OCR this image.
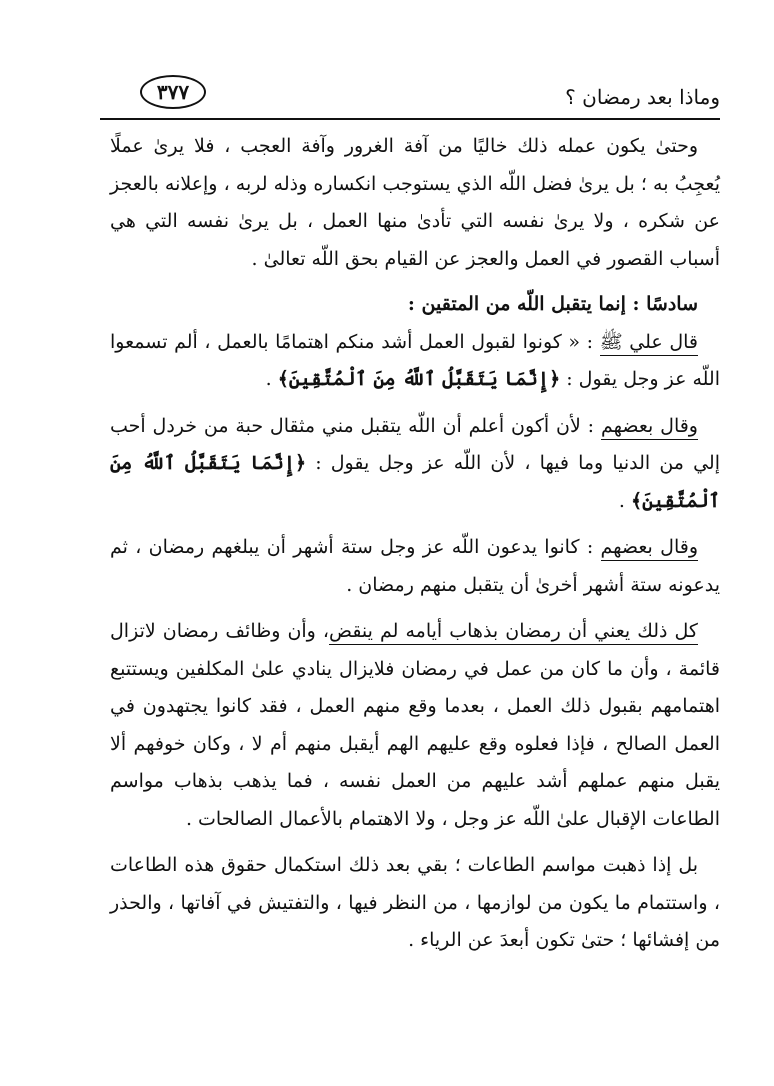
٣٧٧	وماذا بعد رمضان ؟

وحتىٰ يكون عمله ذلك خاليًا من آفة الغرور وآفة العجب ، فلا يرىٰ عملًا يُعجِبُ به ؛ بل يرىٰ فضل اللّه الذي يستوجب انكساره وذله لربه ، وإعلانه بالعجز عن شكره ، ولا يرىٰ نفسه التي تأدىٰ منها العمل ، بل يرىٰ نفسه التي هي أسباب القصور في العمل والعجز عن القيام بحق اللّه تعالىٰ .

سادسًا : إنما يتقبل اللّه من المتقين :

قال علي ﷺ : « كونوا لقبول العمل أشد منكم اهتمامًا بالعمل ، ألم تسمعوا اللّه عز وجل يقول : ﴿إِنَّمَا يَتَقَبَّلُ ٱللَّهُ مِنَ ٱلْمُتَّقِينَ﴾ .

وقال بعضهم : لأن أكون أعلم أن اللّه يتقبل مني مثقال حبة من خردل أحب إلي من الدنيا وما فيها ، لأن اللّه عز وجل يقول : ﴿إِنَّمَا يَتَقَبَّلُ ٱللَّهُ مِنَ ٱلْمُتَّقِينَ﴾ .

وقال بعضهم : كانوا يدعون اللّه عز وجل ستة أشهر أن يبلغهم رمضان ، ثم يدعونه ستة أشهر أخرىٰ أن يتقبل منهم رمضان .

كل ذلك يعني أن رمضان بذهاب أيامه لم ينقض، وأن وظائف رمضان لاتزال قائمة ، وأن ما كان من عمل في رمضان فلايزال ينادي علىٰ المكلفين ويستتبع اهتمامهم بقبول ذلك العمل ، بعدما وقع منهم العمل ، فقد كانوا يجتهدون في العمل الصالح ، فإذا فعلوه وقع عليهم الهم أيقبل منهم أم لا ، وكان خوفهم ألا يقبل منهم عملهم أشد عليهم من العمل نفسه ، فما يذهب بذهاب مواسم الطاعات الإقبال علىٰ اللّه عز وجل ، ولا الاهتمام بالأعمال الصالحات .

بل إذا ذهبت مواسم الطاعات ؛ بقي بعد ذلك استكمال حقوق هذه الطاعات ، واستتمام ما يكون من لوازمها ، من النظر فيها ، والتفتيش في آفاتها ، والحذر من إفشائها ؛ حتىٰ تكون أبعدَ عن الرياء .
